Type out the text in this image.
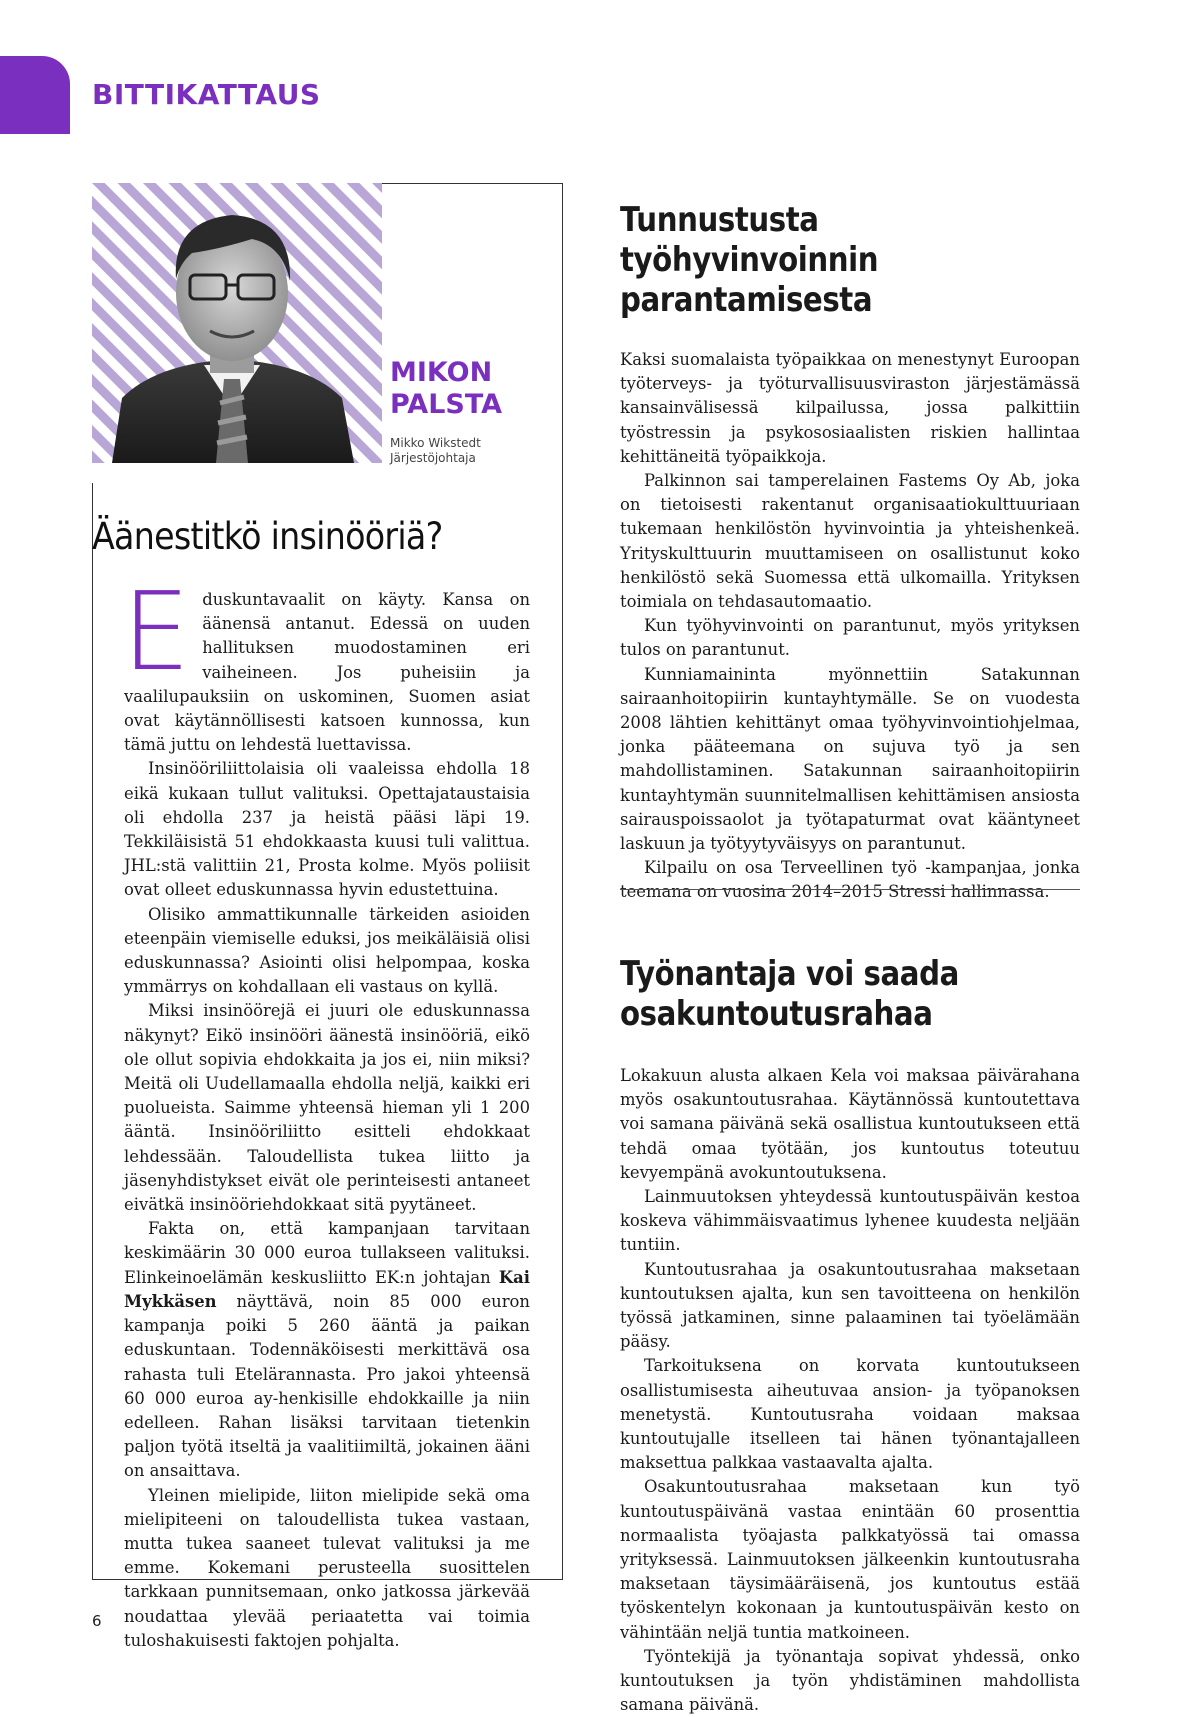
BITTIKATTAUS
MIKON
PALSTA
Mikko Wikstedt
Järjestöjohtaja
Äänestitkö insinööriä?

Eduskuntavaalit on käyty. Kansa on äänensä antanut. Edessä on uuden hallituksen muodostaminen eri vaiheineen. Jos puheisiin ja vaalilupauksiin on uskominen, Suomen asiat ovat käytännöllisesti katsoen kunnossa, kun tämä juttu on lehdestä luettavissa.

Insinööriliittolaisia oli vaaleissa ehdolla 18 eikä kukaan tullut valituksi. Opettajataustaisia oli ehdolla 237 ja heistä pääsi läpi 19. Tekkiläisistä 51 ehdokkaasta kuusi tuli valittua. JHL:stä valittiin 21, Prosta kolme. Myös poliisit ovat olleet eduskunnassa hyvin edustettuina.

Olisiko ammattikunnalle tärkeiden asioiden eteenpäin viemiselle eduksi, jos meikäläisiä olisi eduskunnassa? Asiointi olisi helpompaa, koska ymmärrys on kohdallaan eli vastaus on kyllä.

Miksi insinöörejä ei juuri ole eduskunnassa näkynyt? Eikö insinööri äänestä insinööriä, eikö ole ollut sopivia ehdokkaita ja jos ei, niin miksi? Meitä oli Uudellamaalla ehdolla neljä, kaikki eri puolueista. Saimme yhteensä hieman yli 1 200 ääntä. Insinööriliitto esitteli ehdokkaat lehdessään. Taloudellista tukea liitto ja jäsenyhdistykset eivät ole perinteisesti antaneet eivätkä insinööriehdokkaat sitä pyytäneet.

Fakta on, että kampanjaan tarvitaan keskimäärin 30 000 euroa tullakseen valituksi. Elinkeinoelämän keskusliitto EK:n johtajan Kai Mykkäsen näyttävä, noin 85 000 euron kampanja poiki 5 260 ääntä ja paikan eduskuntaan. Todennäköisesti merkittävä osa rahasta tuli Etelärannasta. Pro jakoi yhteensä 60 000 euroa ay-henkisille ehdokkaille ja niin edelleen. Rahan lisäksi tarvitaan tietenkin paljon työtä itseltä ja vaalitiimiltä, jokainen ääni on ansaittava.

Yleinen mielipide, liiton mielipide sekä oma mielipiteeni on taloudellista tukea vastaan, mutta tukea saaneet tulevat valituksi ja me emme. Kokemani perusteella suosittelen tarkkaan punnitsemaan, onko jatkossa järkevää noudattaa ylevää periaatetta vai toimia tuloshakuisesti faktojen pohjalta.

Tunnustusta työhyvinvoinnin
parantamisesta

Kaksi suomalaista työpaikkaa on menestynyt Euroopan työterveys- ja työturvallisuusviraston järjestämässä kansainvälisessä kilpailussa, jossa palkittiin työstressin ja psykososiaalisten riskien hallintaa kehittäneitä työpaikkoja.

Palkinnon sai tamperelainen Fastems Oy Ab, joka on tietoisesti rakentanut organisaatiokulttuuriaan tukemaan henkilöstön hyvinvointia ja yhteishenkeä. Yrityskulttuurin muuttamiseen on osallistunut koko henkilöstö sekä Suomessa että ulkomailla. Yrityksen toimiala on tehdasautomaatio.

Kun työhyvinvointi on parantunut, myös yrityksen tulos on parantunut.

Kunniamaininta myönnettiin Satakunnan sairaanhoitopiirin kuntayhtymälle. Se on vuodesta 2008 lähtien kehittänyt omaa työhyvinvointiohjelmaa, jonka pääteemana on sujuva työ ja sen mahdollistaminen. Satakunnan sairaanhoitopiirin kuntayhtymän suunnitelmallisen kehittämisen ansiosta sairauspoissaolot ja työtapaturmat ovat kääntyneet laskuun ja työtyytyväisyys on parantunut.

Kilpailu on osa Terveellinen työ -kampanjaa, jonka teemana on vuosina 2014–2015 Stressi hallinnassa.

Työnantaja voi saada
osakuntoutusrahaa

Lokakuun alusta alkaen Kela voi maksaa päivärahana myös osakuntoutusrahaa. Käytännössä kuntoutettava voi samana päivänä sekä osallistua kuntoutukseen että tehdä omaa työtään, jos kuntoutus toteutuu kevyempänä avokuntoutuksena.

Lainmuutoksen yhteydessä kuntoutuspäivän kestoa koskeva vähimmäisvaatimus lyhenee kuudesta neljään tuntiin.

Kuntoutusrahaa ja osakuntoutusrahaa maksetaan kuntoutuksen ajalta, kun sen tavoitteena on henkilön työssä jatkaminen, sinne palaaminen tai työelämään pääsy.

Tarkoituksena on korvata kuntoutukseen osallistumisesta aiheutuvaa ansion- ja työpanoksen menetystä. Kuntoutusraha voidaan maksaa kuntoutujalle itselleen tai hänen työnantajalleen maksettua palkkaa vastaavalta ajalta.

Osakuntoutusrahaa maksetaan kun työ kuntoutuspäivänä vastaa enintään 60 prosenttia normaalista työajasta palkkatyössä tai omassa yrityksessä. Lainmuutoksen jälkeenkin kuntoutusraha maksetaan täysimääräisenä, jos kuntoutus estää työskentelyn kokonaan ja kuntoutuspäivän kesto on vähintään neljä tuntia matkoineen.

Työntekijä ja työnantaja sopivat yhdessä, onko kuntoutuksen ja työn yhdistäminen mahdollista samana päivänä.

6
